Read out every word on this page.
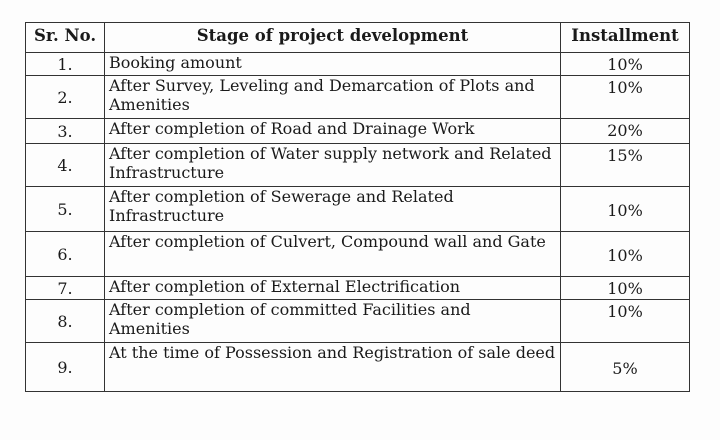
Sr. No.	Stage of project development	Installment
1.	Booking amount	10%
2.	After Survey, Leveling and Demarcation of Plots and Amenities	10%
3.	After completion of Road and Drainage Work	20%
4.	After completion of Water supply network and Related Infrastructure	15%
5.	After completion of Sewerage and Related Infrastructure	10%
6.	After completion of Culvert, Compound wall and Gate	10%
7.	After completion of External Electrification	10%
8.	After completion of committed Facilities and Amenities	10%
9.	At the time of Possession and Registration of sale deed	5%
